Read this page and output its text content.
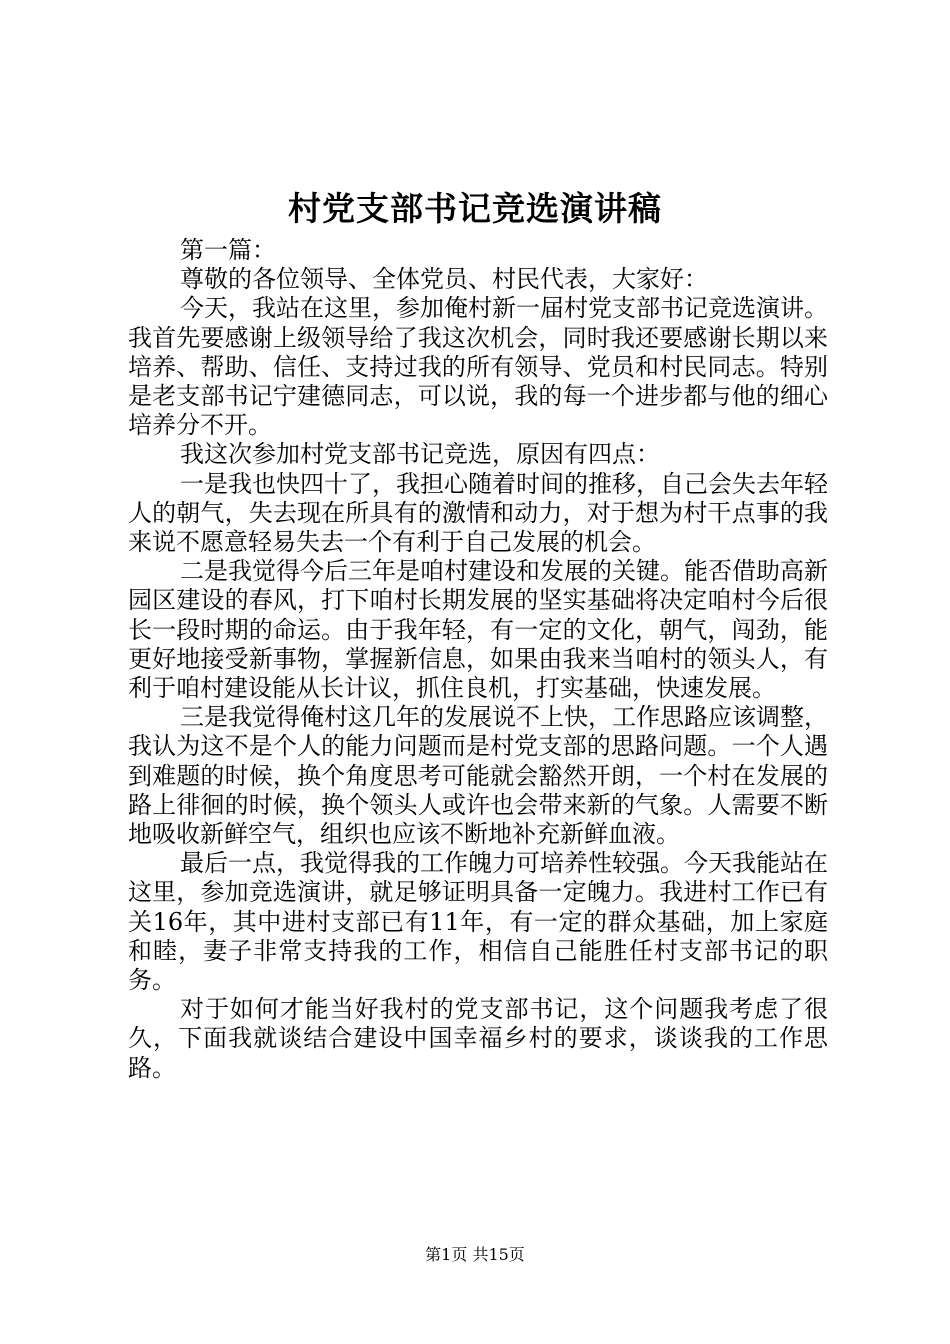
村党支部书记竞选演讲稿

第一篇：

尊敬的各位领导、全体党员、村民代表，大家好：

今天，我站在这里，参加俺村新一届村党支部书记竞选演讲。我首先要感谢上级领导给了我这次机会，同时我还要感谢长期以来培养、帮助、信任、支持过我的所有领导、党员和村民同志。特别是老支部书记宁建德同志，可以说，我的每一个进步都与他的细心培养分不开。

我这次参加村党支部书记竞选，原因有四点：

一是我也快四十了，我担心随着时间的推移，自己会失去年轻人的朝气，失去现在所具有的激情和动力，对于想为村干点事的我来说不愿意轻易失去一个有利于自己发展的机会。

二是我觉得今后三年是咱村建设和发展的关键。能否借助高新园区建设的春风，打下咱村长期发展的坚实基础将决定咱村今后很长一段时期的命运。由于我年轻，有一定的文化，朝气，闯劲，能更好地接受新事物，掌握新信息，如果由我来当咱村的领头人，有利于咱村建设能从长计议，抓住良机，打实基础，快速发展。

三是我觉得俺村这几年的发展说不上快，工作思路应该调整，我认为这不是个人的能力问题而是村党支部的思路问题。一个人遇到难题的时候，换个角度思考可能就会豁然开朗，一个村在发展的路上徘徊的时候，换个领头人或许也会带来新的气象。人需要不断地吸收新鲜空气，组织也应该不断地补充新鲜血液。

最后一点，我觉得我的工作魄力可培养性较强。今天我能站在这里，参加竞选演讲，就足够证明具备一定魄力。我进村工作已有关16年，其中进村支部已有11年，有一定的群众基础，加上家庭和睦，妻子非常支持我的工作，相信自己能胜任村支部书记的职务。

对于如何才能当好我村的党支部书记，这个问题我考虑了很久，下面我就谈结合建设中国幸福乡村的要求，谈谈我的工作思路。

第1页 共15页
